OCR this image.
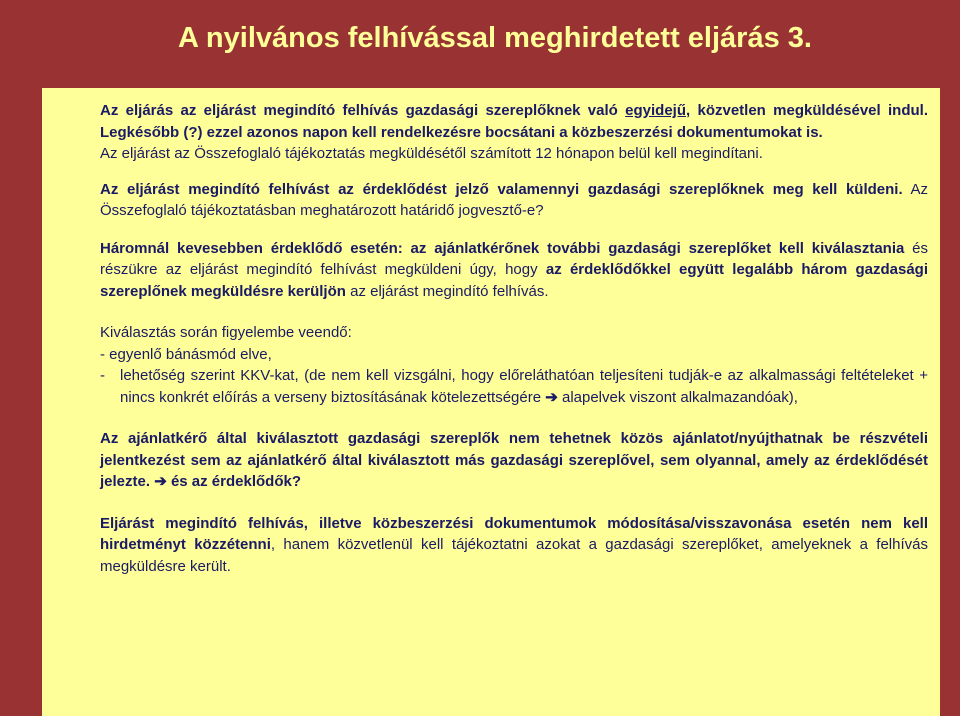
A nyilvános felhívással meghirdetett eljárás 3.

Az eljárás az eljárást megindító felhívás gazdasági szereplőknek való egyidejű, közvetlen megküldésével indul. Legkésőbb (?) ezzel azonos napon kell rendelkezésre bocsátani a közbeszerzési dokumentumokat is.

Az eljárást az Összefoglaló tájékoztatás megküldésétől számított 12 hónapon belül kell megindítani.

Az eljárást megindító felhívást az érdeklődést jelző valamennyi gazdasági szereplőknek meg kell küldeni. Az Összefoglaló tájékoztatásban meghatározott határidő jogvesztő-e?

Háromnál kevesebben érdeklődő esetén: az ajánlatkérőnek további gazdasági szereplőket kell kiválasztania és részükre az eljárást megindító felhívást megküldeni úgy, hogy az érdeklődőkkel együtt legalább három gazdasági szereplőnek megküldésre kerüljön az eljárást megindító felhívás.

Kiválasztás során figyelembe veendő:

- egyenlő bánásmód elve,

-	lehetőség szerint KKV-kat, (de nem kell vizsgálni, hogy előreláthatóan teljesíteni tudják-e az alkalmassági feltételeket + nincs konkrét előírás a verseny biztosításának kötelezettségére ➔ alapelvek viszont alkalmazandóak),

Az ajánlatkérő által kiválasztott gazdasági szereplők nem tehetnek közös ajánlatot/nyújthatnak be részvételi jelentkezést sem az ajánlatkérő által kiválasztott más gazdasági szereplővel, sem olyannal, amely az érdeklődését jelezte. ➔ és az érdeklődők?

Eljárást megindító felhívás, illetve közbeszerzési dokumentumok módosítása/visszavonása esetén nem kell hirdetményt közzétenni, hanem közvetlenül kell tájékoztatni azokat a gazdasági szereplőket, amelyeknek a felhívás megküldésre került.
